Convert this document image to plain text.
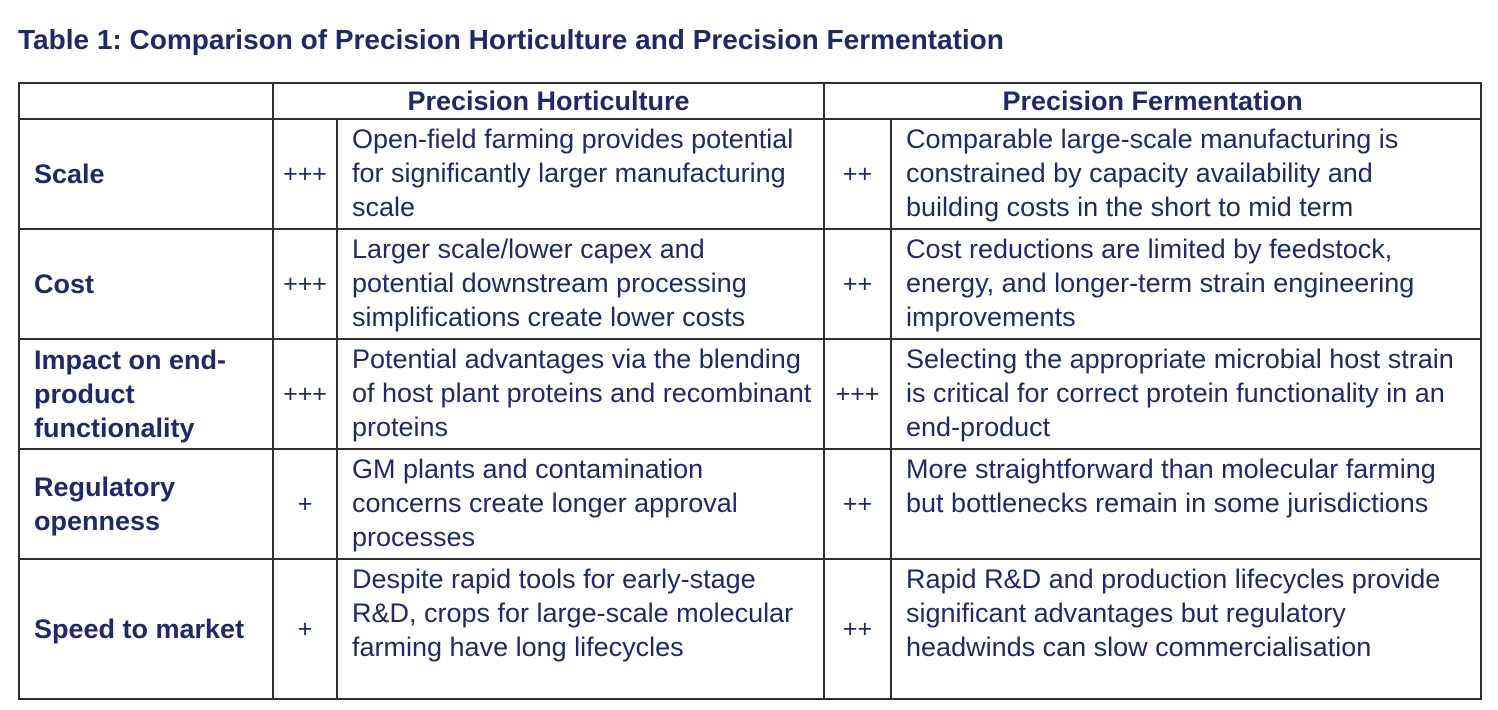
Table 1: Comparison of Precision Horticulture and Precision Fermentation
	Precision Horticulture		Precision Fermentation	
Scale	+++	Open-field farming provides potential for significantly larger manufacturing scale	++	Comparable large-scale manufacturing is constrained by capacity availability and building costs in the short to mid term
Cost	+++	Larger scale/lower capex and potential downstream processing simplifications create lower costs	++	Cost reductions are limited by feedstock, energy, and longer-term strain engineering improvements
Impact on end-product functionality	+++	Potential advantages via the blending of host plant proteins and recombinant proteins	+++	Selecting the appropriate microbial host strain is critical for correct protein functionality in an end-product
Regulatory openness	+	GM plants and contamination concerns create longer approval processes	++	More straightforward than molecular farming but bottlenecks remain in some jurisdictions
Speed to market	+	Despite rapid tools for early-stage R&D, crops for large-scale molecular farming have long lifecycles	++	Rapid R&D and production lifecycles provide significant advantages but regulatory headwinds can slow commercialisation
